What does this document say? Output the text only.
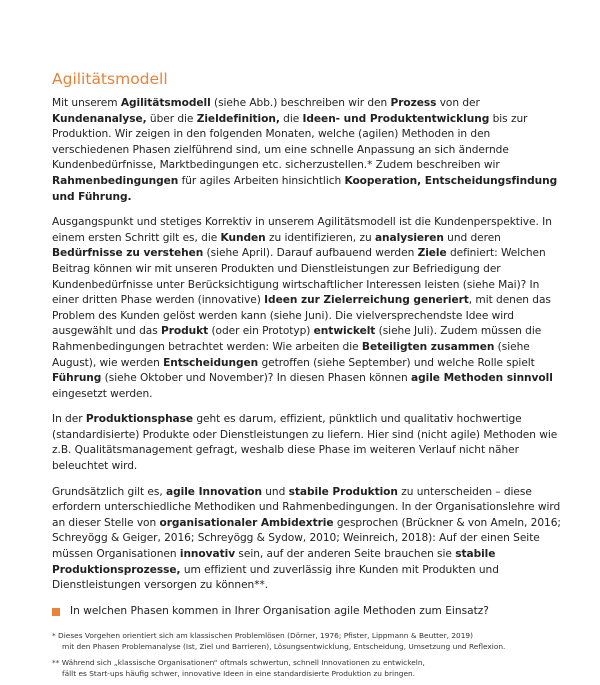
Agilitätsmodell

Mit unserem Agilitätsmodell (siehe Abb.) beschreiben wir den Prozess von der Kundenanalyse, über die Zieldefinition, die Ideen- und Produktentwicklung bis zur Produktion. Wir zeigen in den folgenden Monaten, welche (agilen) Methoden in den verschiedenen Phasen zielführend sind, um eine schnelle Anpassung an sich ändernde Kundenbedürfnisse, Marktbedingungen etc. sicherzustellen.* Zudem beschreiben wir Rahmenbedingungen für agiles Arbeiten hinsichtlich Kooperation, Entscheidungsfindung und Führung.

Ausgangspunkt und stetiges Korrektiv in unserem Agilitätsmodell ist die Kundenperspektive. In einem ersten Schritt gilt es, die Kunden zu identifizieren, zu analysieren und deren Bedürfnisse zu verstehen (siehe April). Darauf aufbauend werden Ziele definiert: Welchen Beitrag können wir mit unseren Produkten und Dienstleistungen zur Befriedigung der Kundenbedürfnisse unter Berücksichtigung wirtschaftlicher Interessen leisten (siehe Mai)? In einer dritten Phase werden (innovative) Ideen zur Zielerreichung generiert, mit denen das Problem des Kunden gelöst werden kann (siehe Juni). Die vielversprechendste Idee wird ausgewählt und das Produkt (oder ein Prototyp) entwickelt (siehe Juli). Zudem müssen die Rahmenbedingungen betrachtet werden: Wie arbeiten die Beteiligten zusammen (siehe August), wie werden Entscheidungen getroffen (siehe September) und welche Rolle spielt Führung (siehe Oktober und November)? In diesen Phasen können agile Methoden sinnvoll eingesetzt werden.

In der Produktionsphase geht es darum, effizient, pünktlich und qualitativ hochwertige (standardisierte) Produkte oder Dienstleistungen zu liefern. Hier sind (nicht agile) Methoden wie z.B. Qualitätsmanagement gefragt, weshalb diese Phase im weiteren Verlauf nicht näher beleuchtet wird.

Grundsätzlich gilt es, agile Innovation und stabile Produktion zu unterscheiden – diese erfordern unterschiedliche Methodiken und Rahmenbedingungen. In der Organisationslehre wird an dieser Stelle von organisationaler Ambidextrie gesprochen (Brückner & von Ameln, 2016; Schreyögg & Geiger, 2016; Schreyögg & Sydow, 2010; Weinreich, 2018): Auf der einen Seite müssen Organisationen innovativ sein, auf der anderen Seite brauchen sie stabile Produktionsprozesse, um effizient und zuverlässig ihre Kunden mit Produkten und Dienstleistungen versorgen zu können**.

In welchen Phasen kommen in Ihrer Organisation agile Methoden zum Einsatz?
* Dieses Vorgehen orientiert sich am klassischen Problemlösen (Dörner, 1976; Pfister, Lippmann & Beutter, 2019)
mit den Phasen Problemanalyse (Ist, Ziel und Barrieren), Lösungsentwicklung, Entscheidung, Umsetzung und Reflexion.
** Während sich „klassische Organisationen“ oftmals schwertun, schnell Innovationen zu entwickeln,
fällt es Start-ups häufig schwer, innovative Ideen in eine standardisierte Produktion zu bringen.
